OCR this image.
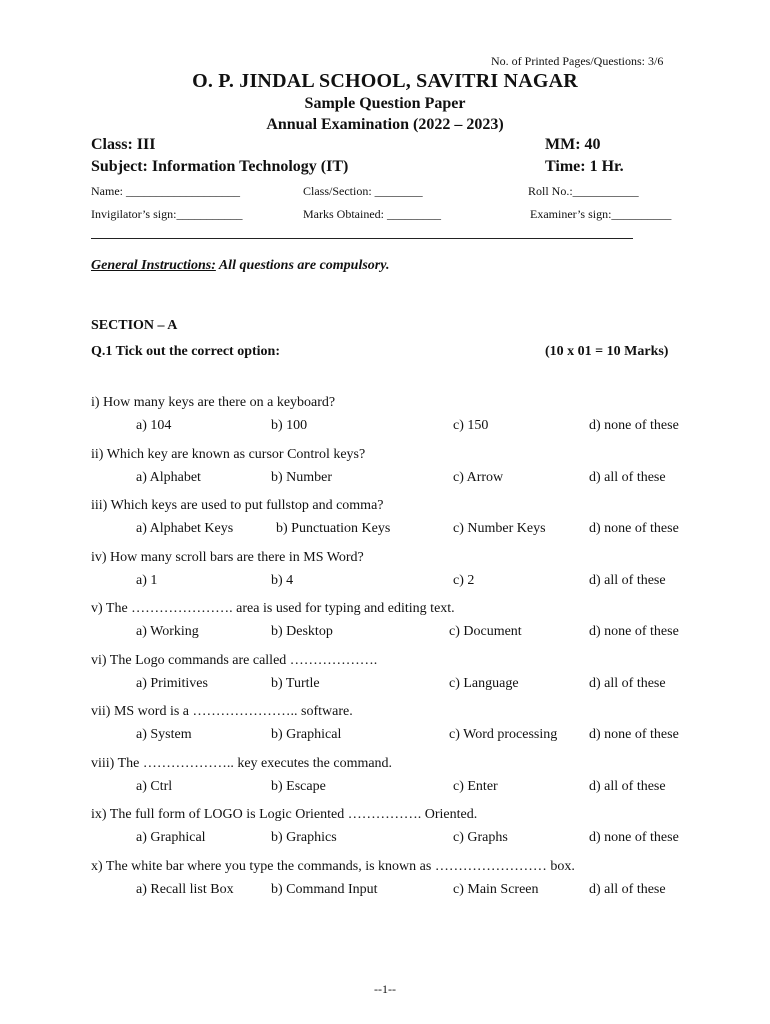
No. of Printed Pages/Questions: 3/6
O. P. JINDAL SCHOOL, SAVITRI NAGAR
Sample Question Paper
Annual Examination (2022 – 2023)
Class: III	MM: 40
Subject: Information Technology (IT)	Time: 1 Hr.
Name: ___________________	Class/Section: ________	Roll No.:___________
Invigilator’s sign:___________	Marks Obtained: _________	Examiner’s sign:__________
General Instructions: All questions are compulsory.
SECTION – A
Q.1 Tick out the correct option:	(10 x 01 = 10 Marks)
i) How many keys are there on a keyboard?
a) 104	b) 100	c) 150	d) none of these
ii) Which key are known as cursor Control keys?
a) Alphabet	b) Number	c) Arrow	d) all of these
iii) Which keys are used to put fullstop and comma?
a) Alphabet Keys	b) Punctuation Keys	c) Number Keys	d) none of these
iv) How many scroll bars are there in MS Word?
a) 1	b) 4	c) 2	d) all of these
v) The …………………. area is used for typing and editing text.
a) Working	b) Desktop	c) Document	d) none of these
vi) The Logo commands are called ……………….
a) Primitives	b) Turtle	c) Language	d) all of these
vii) MS word is a ………………….. software.
a) System	b) Graphical	c) Word processing d) none of these
viii) The ……………….. key executes the command.
a) Ctrl	b) Escape	c) Enter	d) all of these
ix) The full form of LOGO is Logic Oriented ……………. Oriented.
a) Graphical	b) Graphics	c) Graphs	d) none of these
x) The white bar where you type the commands, is known as …………………… box.
a) Recall list Box	b) Command Input	c) Main Screen	d) all of these
--1--
